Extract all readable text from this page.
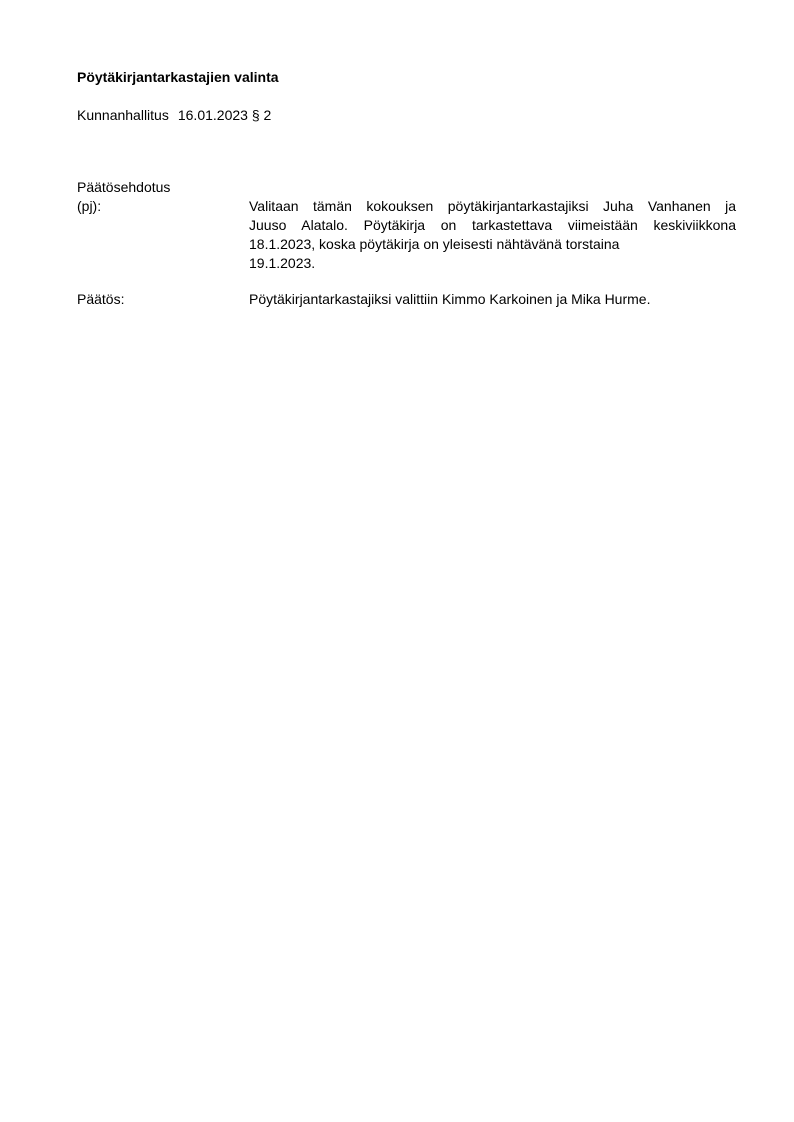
Pöytäkirjantarkastajien valinta
Kunnanhallitus 16.01.2023 § 2
Päätösehdotus
(pj):	Valitaan tämän kokouksen pöytäkirjantarkastajiksi Juha Vanhanen ja
Juuso Alatalo. Pöytäkirja on tarkastettava viimeistään keskiviikkona
18.1.2023, koska pöytäkirja on yleisesti nähtävänä torstaina
19.1.2023.
Päätös:	Pöytäkirjantarkastajiksi valittiin Kimmo Karkoinen ja Mika Hurme.
